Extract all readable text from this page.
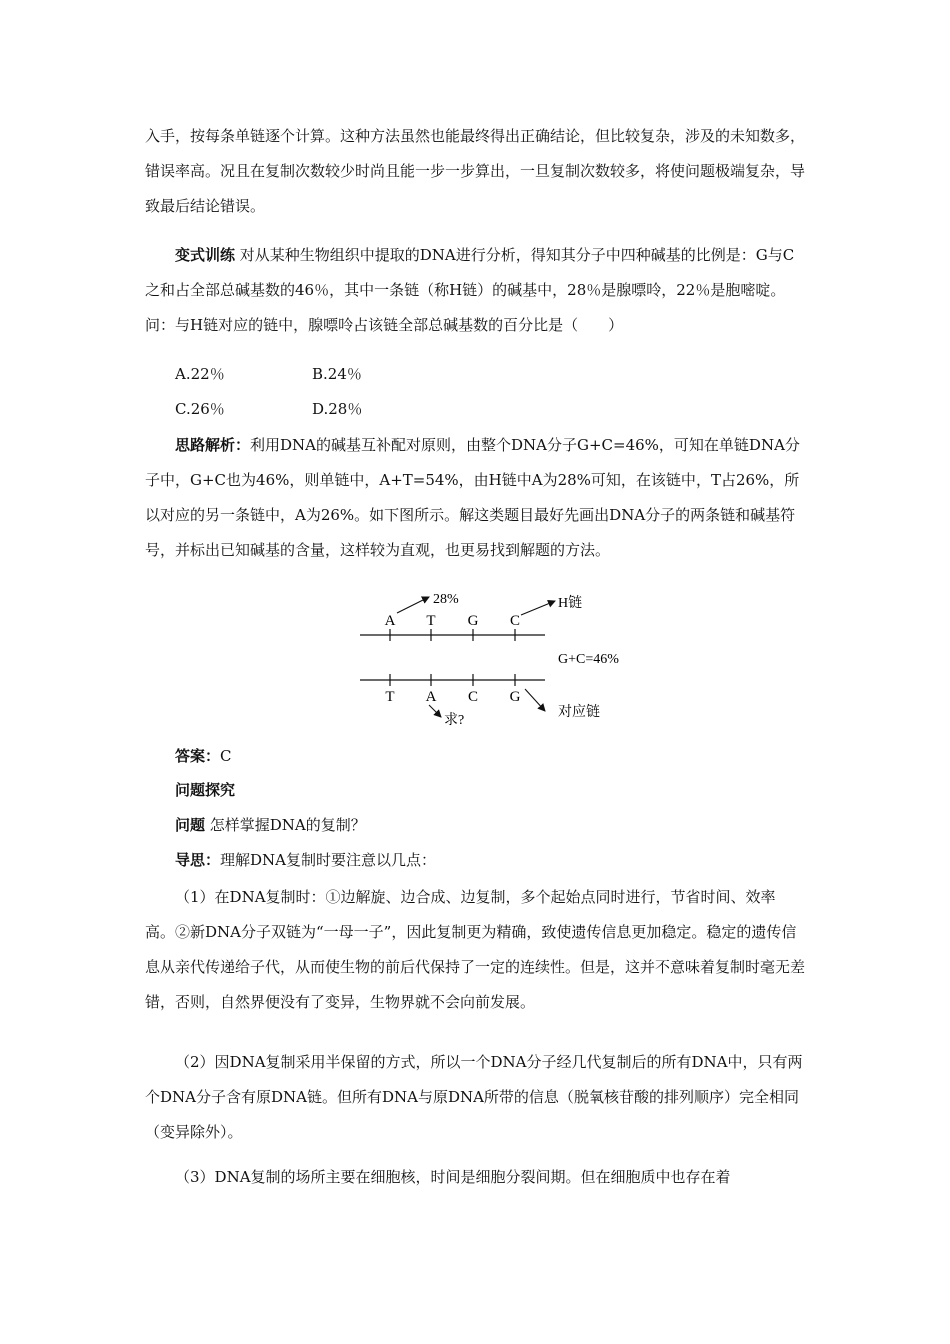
入手，按每条单链逐个计算。这种方法虽然也能最终得出正确结论，但比较复杂，涉及的未知数多，错误率高。况且在复制次数较少时尚且能一步一步算出，一旦复制次数较多，将使问题极端复杂，导致最后结论错误。

变式训练 对从某种生物组织中提取的DNA进行分析，得知其分子中四种碱基的比例是：G与C之和占全部总碱基数的46％，其中一条链（称H链）的碱基中，28％是腺嘌呤，22％是胞嘧啶。问：与H链对应的链中，腺嘌呤占该链全部总碱基数的百分比是（　　）

A.22％	B.24％
C.26％	D.28％

思路解析：利用DNA的碱基互补配对原则，由整个DNA分子G+C=46%，可知在单链DNA分子中，G+C也为46%，则单链中，A+T=54%，由H链中A为28%可知，在该链中，T占26%，所以对应的另一条链中，A为26%。如下图所示。解这类题目最好先画出DNA分子的两条链和碱基符号，并标出已知碱基的含量，这样较为直观，也更易找到解题的方法。

A T G C
28%	H链
G+C=46%
T A C G
求?
对应链

答案：C

问题探究

问题 怎样掌握DNA的复制？

导思：理解DNA复制时要注意以几点：

（1）在DNA复制时：①边解旋、边合成、边复制，多个起始点同时进行，节省时间、效率高。②新DNA分子双链为“一母一子”，因此复制更为精确，致使遗传信息更加稳定。稳定的遗传信息从亲代传递给子代，从而使生物的前后代保持了一定的连续性。但是，这并不意味着复制时毫无差错，否则，自然界便没有了变异，生物界就不会向前发展。

（2）因DNA复制采用半保留的方式，所以一个DNA分子经几代复制后的所有DNA中，只有两个DNA分子含有原DNA链。但所有DNA与原DNA所带的信息（脱氧核苷酸的排列顺序）完全相同（变异除外）。

（3）DNA复制的场所主要在细胞核，时间是细胞分裂间期。但在细胞质中也存在着
